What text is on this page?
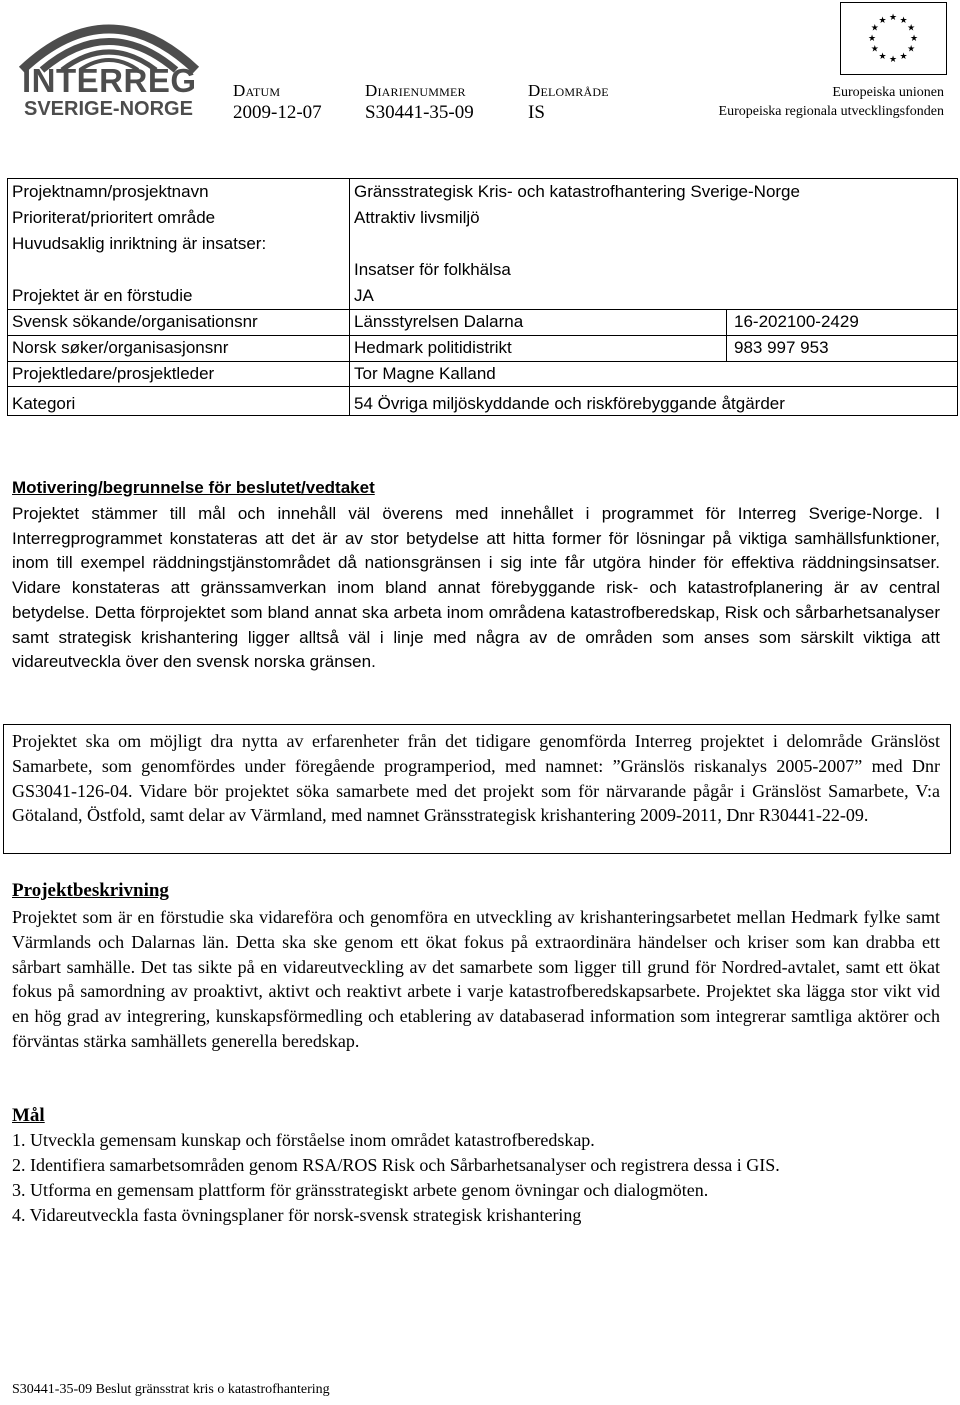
INTERREG
SVERIGE-NORGE
Datum
2009-12-07
Diarienummer
S30441-35-09
Delområde
IS
★ ★
★
★
★
★
★
★
★
★
★
★
Europeiska unionen
Europeiska regionala utvecklingsfonden
Projektnamn/prosjektnavn	Gränsstrategisk Kris- och katastrofhantering Sverige-Norge
Prioriterat/prioritert område	Attraktiv livsmiljö
Huvudsaklig inriktning är insatser:
Insatser för folkhälsa
Projektet är en förstudie	JA
Svensk sökande/organisationsnr	Länsstyrelsen Dalarna	16-202100-2429
Norsk søker/organisasjonsnr	Hedmark politidistrikt	983 997 953
Projektledare/prosjektleder	Tor Magne Kalland
Kategori	54 Övriga miljöskyddande och riskförebyggande åtgärder
Motivering/begrunnelse för beslutet/vedtaket
Projektet stämmer till mål och innehåll väl överens med innehållet i programmet för Interreg Sverige-Norge. I Interregprogrammet konstateras att det är av stor betydelse att hitta former för lösningar på viktiga samhällsfunktioner, inom till exempel räddningstjänstområdet då nationsgränsen i sig inte får utgöra hinder för effektiva räddningsinsatser. Vidare konstateras att gränssamverkan inom bland annat förebyggande risk- och katastrofplanering är av central betydelse. Detta förprojektet som bland annat ska arbeta inom områdena katastrofberedskap, Risk och sårbarhetsanalyser samt strategisk krishantering ligger alltså väl i linje med några av de områden som anses som särskilt viktiga att vidareutveckla över den svensk norska gränsen.
Projektet ska om möjligt dra nytta av erfarenheter från det tidigare genomförda Interreg projektet i delområde Gränslöst Samarbete, som genomfördes under föregående programperiod, med namnet: ”Gränslös riskanalys 2005-2007” med Dnr GS3041-126-04. Vidare bör projektet söka samarbete med det projekt som för närvarande pågår i Gränslöst Samarbete, V:a Götaland, Östfold, samt delar av Värmland, med namnet Gränsstrategisk krishantering 2009-2011, Dnr R30441-22-09.
Projektbeskrivning
Projektet som är en förstudie ska vidareföra och genomföra en utveckling av krishanteringsarbetet mellan Hedmark fylke samt Värmlands och Dalarnas län. Detta ska ske genom ett ökat fokus på extraordinära händelser och kriser som kan drabba ett sårbart samhälle. Det tas sikte på en vidareutveckling av det samarbete som ligger till grund för Nordred-avtalet, samt ett ökat fokus på samordning av proaktivt, aktivt och reaktivt arbete i varje katastrofberedskapsarbete. Projektet ska lägga stor vikt vid en hög grad av integrering, kunskapsförmedling och etablering av databaserad information som integrerar samtliga aktörer och förväntas stärka samhällets generella beredskap.
Mål
1. Utveckla gemensam kunskap och förståelse inom området katastrofberedskap.
2. Identifiera samarbetsområden genom RSA/ROS Risk och Sårbarhetsanalyser och registrera dessa i GIS.
3. Utforma en gemensam plattform för gränsstrategiskt arbete genom övningar och dialogmöten.
4. Vidareutveckla fasta övningsplaner för norsk-svensk strategisk krishantering
S30441-35-09 Beslut gränsstrat kris o katastrofhantering
